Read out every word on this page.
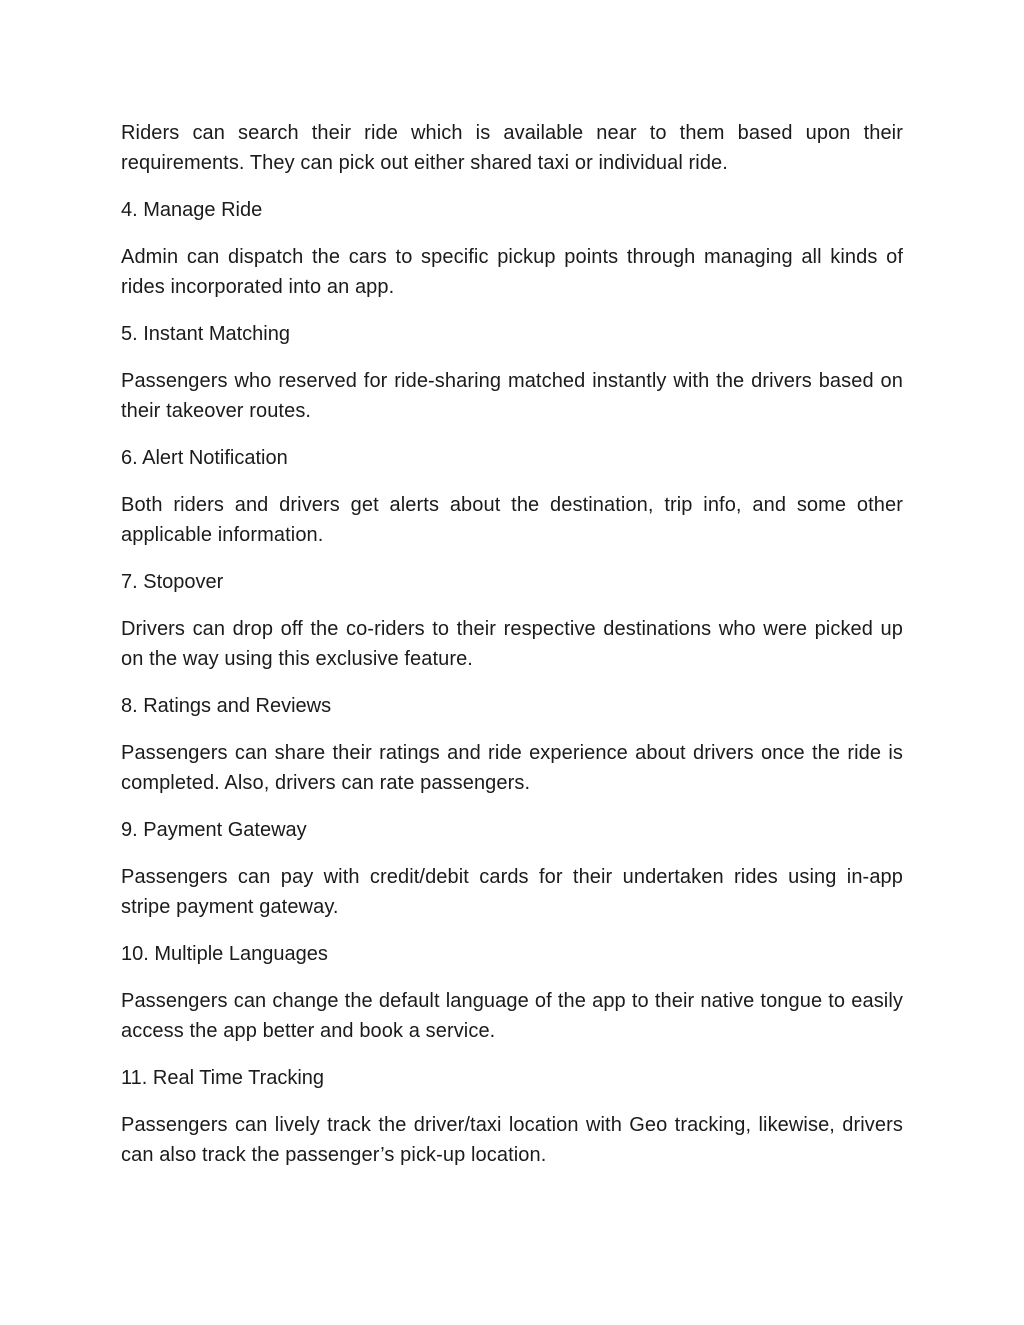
Riders can search their ride which is available near to them based upon their requirements. They can pick out either shared taxi or individual ride.

4. Manage Ride

Admin can dispatch the cars to specific pickup points through managing all kinds of rides incorporated into an app.

5. Instant Matching

Passengers who reserved for ride-sharing matched instantly with the drivers based on their takeover routes.

6. Alert Notification

Both riders and drivers get alerts about the destination, trip info, and some other applicable information.

7. Stopover

Drivers can drop off the co-riders to their respective destinations who were picked up on the way using this exclusive feature.

8. Ratings and Reviews

Passengers can share their ratings and ride experience about drivers once the ride is completed. Also, drivers can rate passengers.

9. Payment Gateway

Passengers can pay with credit/debit cards for their undertaken rides using in-app stripe payment gateway.

10. Multiple Languages

Passengers can change the default language of the app to their native tongue to easily access the app better and book a service.

11. Real Time Tracking

Passengers can lively track the driver/taxi location with Geo tracking, likewise, drivers can also track the passenger’s pick-up location.
